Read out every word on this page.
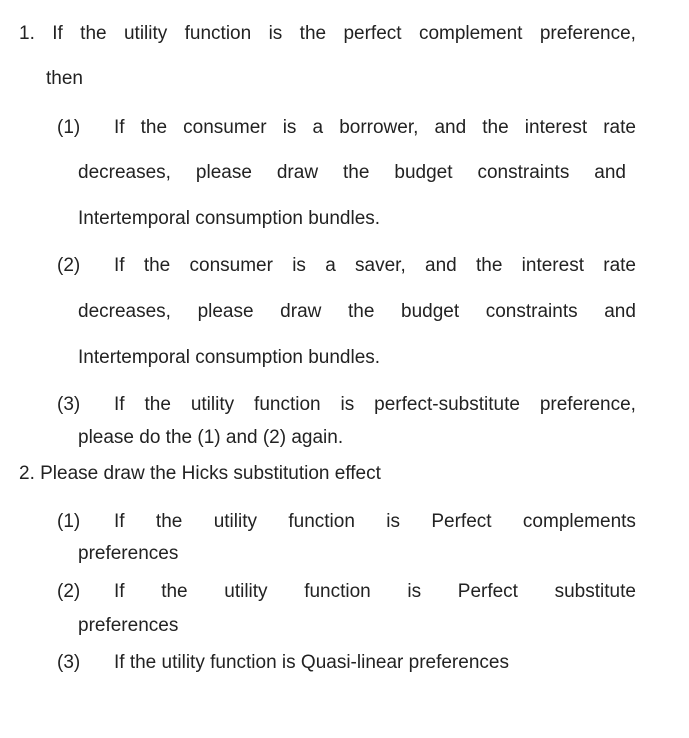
1. If the utility function is the perfect complement preference,
then
(1) If the consumer is a borrower, and the interest rate
decreases, please draw the budget constraints and
Intertemporal consumption bundles.
(2) If the consumer is a saver, and the interest rate
decreases, please draw the budget constraints and
Intertemporal consumption bundles.
(3) If the utility function is perfect-substitute preference,
please do the (1) and (2) again.
2. Please draw the Hicks substitution effect
(1) If the utility function is Perfect complements
preferences
(2) If the utility function is Perfect substitute
preferences
(3) If the utility function is Quasi-linear preferences
